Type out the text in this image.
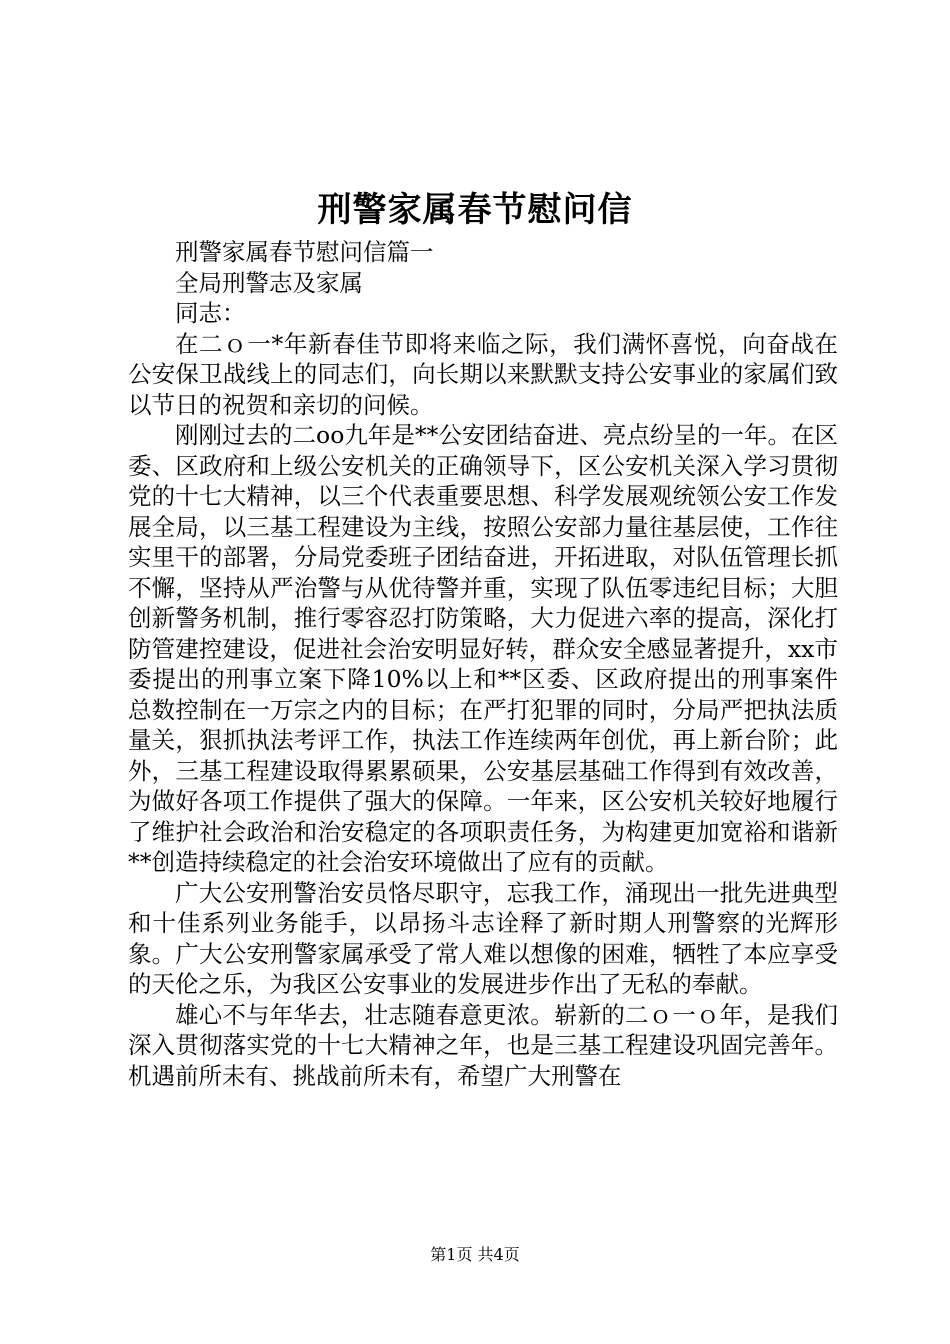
刑警家属春节慰问信

刑警家属春节慰问信篇一

全局刑警志及家属

同志：

在二ｏ一*年新春佳节即将来临之际，我们满怀喜悦，向奋战在公安保卫战线上的同志们，向长期以来默默支持公安事业的家属们致以节日的祝贺和亲切的问候。

刚刚过去的二oo九年是**公安团结奋进、亮点纷呈的一年。在区委、区政府和上级公安机关的正确领导下，区公安机关深入学习贯彻党的十七大精神，以三个代表重要思想、科学发展观统领公安工作发展全局，以三基工程建设为主线，按照公安部力量往基层使，工作往实里干的部署，分局党委班子团结奋进，开拓进取，对队伍管理长抓不懈，坚持从严治警与从优待警并重，实现了队伍零违纪目标；大胆创新警务机制，推行零容忍打防策略，大力促进六率的提高，深化打防管建控建设，促进社会治安明显好转，群众安全感显著提升，xx市委提出的刑事立案下降10%以上和**区委、区政府提出的刑事案件总数控制在一万宗之内的目标；在严打犯罪的同时，分局严把执法质量关，狠抓执法考评工作，执法工作连续两年创优，再上新台阶；此外，三基工程建设取得累累硕果，公安基层基础工作得到有效改善，为做好各项工作提供了强大的保障。一年来，区公安机关较好地履行了维护社会政治和治安稳定的各项职责任务，为构建更加宽裕和谐新**创造持续稳定的社会治安环境做出了应有的贡献。

广大公安刑警治安员恪尽职守，忘我工作，涌现出一批先进典型和十佳系列业务能手，以昂扬斗志诠释了新时期人刑警察的光辉形象。广大公安刑警家属承受了常人难以想像的困难，牺牲了本应享受的天伦之乐，为我区公安事业的发展进步作出了无私的奉献。

雄心不与年华去，壮志随春意更浓。崭新的二ｏ一ｏ年，是我们深入贯彻落实党的十七大精神之年，也是三基工程建设巩固完善年。机遇前所未有、挑战前所未有，希望广大刑警在

第1页 共4页
